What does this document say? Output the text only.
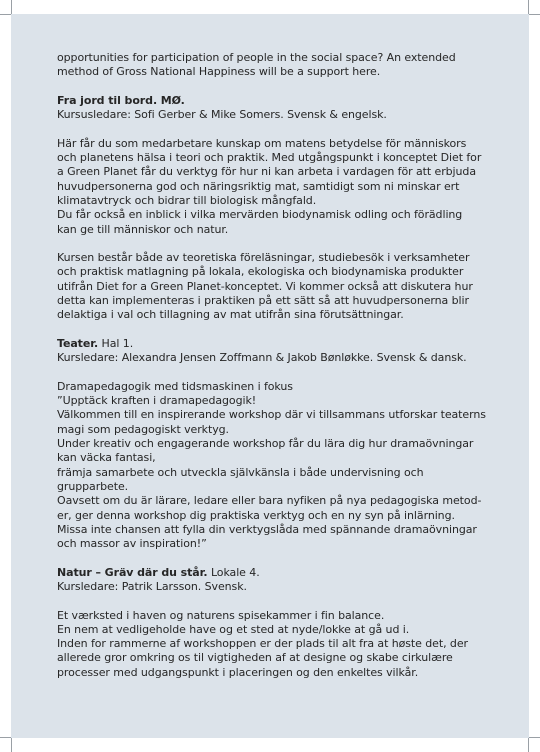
opportunities for participation of people in the social space? An extended
method of Gross National Happiness will be a support here.
Fra jord til bord. MØ.
Kursusledare: Sofi Gerber & Mike Somers. Svensk & engelsk.
Här får du som medarbetare kunskap om matens betydelse för människors
och planetens hälsa i teori och praktik. Med utgångspunkt i konceptet Diet for
a Green Planet får du verktyg för hur ni kan arbeta i vardagen för att erbjuda
huvudpersonerna god och näringsriktig mat, samtidigt som ni minskar ert
klimatavtryck och bidrar till biologisk mångfald.
Du får också en inblick i vilka mervärden biodynamisk odling och förädling
kan ge till människor och natur.
Kursen består både av teoretiska föreläsningar, studiebesök i verksamheter
och praktisk matlagning på lokala, ekologiska och biodynamiska produkter
utifrån Diet for a Green Planet-konceptet. Vi kommer också att diskutera hur
detta kan implementeras i praktiken på ett sätt så att huvudpersonerna blir
delaktiga i val och tillagning av mat utifrån sina förutsättningar.
Teater. Hal 1.
Kursledare: Alexandra Jensen Zoffmann & Jakob Bønløkke. Svensk & dansk.
Dramapedagogik med tidsmaskinen i fokus
”Upptäck kraften i dramapedagogik!
Välkommen till en inspirerande workshop där vi tillsammans utforskar teaterns
magi som pedagogiskt verktyg.
Under kreativ och engagerande workshop får du lära dig hur dramaövningar
kan väcka fantasi,
främja samarbete och utveckla självkänsla i både undervisning och
grupparbete.
Oavsett om du är lärare, ledare eller bara nyfiken på nya pedagogiska metod-
er, ger denna workshop dig praktiska verktyg och en ny syn på inlärning.
Missa inte chansen att fylla din verktygslåda med spännande dramaövningar
och massor av inspiration!”
Natur – Gräv där du står. Lokale 4.
Kursledare: Patrik Larsson. Svensk.
Et værksted i haven og naturens spisekammer i fin balance.
En nem at vedligeholde have og et sted at nyde/lokke at gå ud i.
Inden for rammerne af workshoppen er der plads til alt fra at høste det, der
allerede gror omkring os til vigtigheden af at designe og skabe cirkulære
processer med udgangspunkt i placeringen og den enkeltes vilkår.
